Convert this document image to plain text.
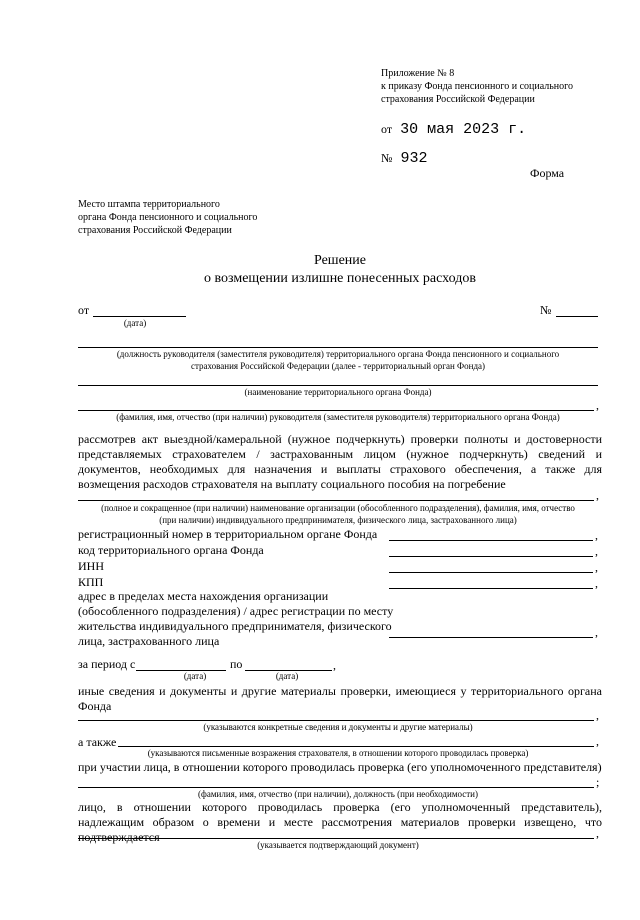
Приложение № 8
к приказу Фонда пенсионного и социального
страхования Российской Федерации
от 30 мая 2023 г.
№ 932
Форма
Место штампа территориального
органа Фонда пенсионного и социального
страхования Российской Федерации
Решение
о возмещении излишне понесенных расходов
от
(дата)
№
(должность руководителя (заместителя руководителя) территориального органа Фонда пенсионного и социального
страхования Российской Федерации (далее - территориальный орган Фонда)
(наименование территориального органа Фонда)
,
(фамилия, имя, отчество (при наличии) руководителя (заместителя руководителя) территориального органа Фонда)
рассмотрев акт выездной/камеральной (нужное подчеркнуть) проверки полноты и достоверности представляемых страхователем / застрахованным лицом (нужное подчеркнуть) сведений и документов, необходимых для назначения и выплаты страхового обеспечения, а также для возмещения расходов страхователя на выплату социального пособия на погребение
,
(полное и сокращенное (при наличии) наименование организации (обособленного подразделения), фамилия, имя, отчество
(при наличии) индивидуального предпринимателя, физического лица, застрахованного лица)
регистрационный номер в территориальном органе Фонда	,
код территориального органа Фонда	,
ИНН	,
КПП	,
адрес в пределах места нахождения организации
(обособленного подразделения) / адрес регистрации по месту
жительства индивидуального предпринимателя, физического
лица, застрахованного лица
,
за период с	по	,
(дата)	(дата)
иные сведения и документы и другие материалы проверки, имеющиеся у территориального органа Фонда
,
(указываются конкретные сведения и документы и другие материалы)
а также	,
(указываются письменные возражения страхователя, в отношении которого проводилась проверка)
при участии лица, в отношении которого проводилась проверка (его уполномоченного представителя)
;
(фамилия, имя, отчество (при наличии), должность (при необходимости)
лицо, в отношении которого проводилась проверка (его уполномоченный представитель), надлежащим образом о времени и месте рассмотрения материалов проверки извещено, что подтверждается	,
(указывается подтверждающий документ)
